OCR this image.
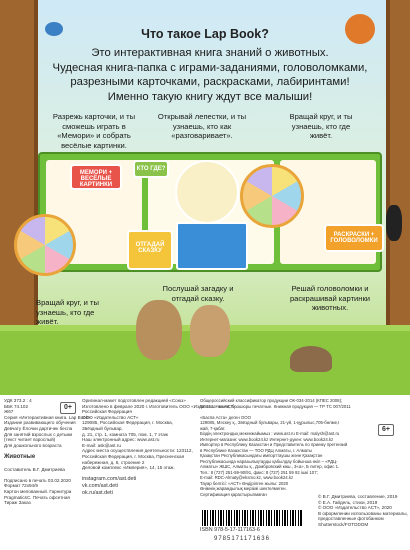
МЕМОРИ + ВЕСЁЛЫЕ КАРТИНКИ
КТО ГДЕ?
ОТГАДАЙ СКАЗКУ
РАСКРАСКИ + ГОЛОВОЛОМКИ
Что такое Lap Book?
Это интерактивная книга знаний о животных.
Чудесная книга-папка с играми-заданиями, головоломками,
разрезными карточками, раскрасками, лабиринтами!
Именно такую книгу ждут все малыши!
Разрежь карточки, и ты сможешь играть в «Мемори» и собрать весёлые картинки.
Открывай лепестки, и ты узнаешь, кто как «разговаривает».
Вращай круг, и ты узнаешь, кто где живёт.
Вращай круг, и ты узнаешь, кто где живёт.
Послушай загадку и отгадай сказку.
Решай головоломки и раскрашивай картинки животных.
УДК 373.2 : 4
ББК 74.102
Ж67
Серия «Интерактивная книга. Lap Book».
Издание развивающего обучения
Девчату Ёлочки дартичек бесла
Для занятий взрослых с детьми
(текст читает взрослый)
Для дошкольного возраста

Животные

Составитель В.Г. Дмитриева

Подписано в печать 03.02.2020
Формат 72х94/9
Картон мелованный. Гарнитура
PragmaticsC. Печать офсетная
Тираж Заказ
0+
Оригинал-макет подготовлен редакцией «Союз»
Изготовлено в феврале 2020 г. Изготовитель ООО «Издательство АСТ».
Российская Федерация
ООО «Издательство АСТ»
129085, Российская Федерация, г. Москва,
Звёздный бульвар,
д. 21, стр. 1, комната 705, пом. 1, 7 этаж
Наш электронный адрес: www.ast.ru
E-mail: ask@ast.ru
Адрес места осуществления деятельности: 123112,
Российская Федерация, г. Москва, Пресненская
набережная, д. 6, строение 2
Деловой комплекс «Империя», 14, 15 этаж.

instagram.com/ast.deti
vk.com/ast.deti
ok.ru/ast.deti
Общероссийский классификатор продукции ОК-034-2014 (КПЕС 2008);
58.11.1 – книги, брошюры печатные. Книжная продукция — ТР ТС 007/2011

«Баспа Аста» деген ООО
129085, Мәскеу қ., Звёздный бульвары, 21-үй, 1-құрылыс,705-бөлме,I
жай, 7-қабат.
Біздің электрондық мекенжайымыз : www.ast.ru E-mail: malysh@ast.ru
Интернет-магазин: www.book24.kz Интернет-дүкен: www.book24.kz
Импортер в Республику Казахстан и Представитель по приему претензий
в Республике Казахстан — ТОО РДЦ Алматы, г. Алматы
Қазақстан Республикасындағы импорттаушы және Қазақстан
Республикасында наразылықтарды қабылдау бойынша өкіл – «РДЦ-
Алматы» ЖШС, Алматы қ., Домбровский көш., 3«а», Б литер, офис 1.
Тел.: 8 (727) 251-59-90/91, факс: 8 (727) 251 59 92 ішкі 107;
E-mail: RDC-Almaty@eksmo.kz, www.book24.kz
Тауар белгісі: «АСТ» Өндірілген жылы: 2020
Өнімнің жарамдылық мерзімі шектелмеген.
Сертификация қарастырылмаған
6+
© В.Г. Дмитриева, составление, 2019
© Е.А. Гайдель, стихи, 2019
© ООО «Издательство АСТ», 2020
В оформлении использованы материалы,
предоставленные фотобанком
Shutterstock/FOTODOM
ISBN 978-5-17-117163-6
9785171171636
